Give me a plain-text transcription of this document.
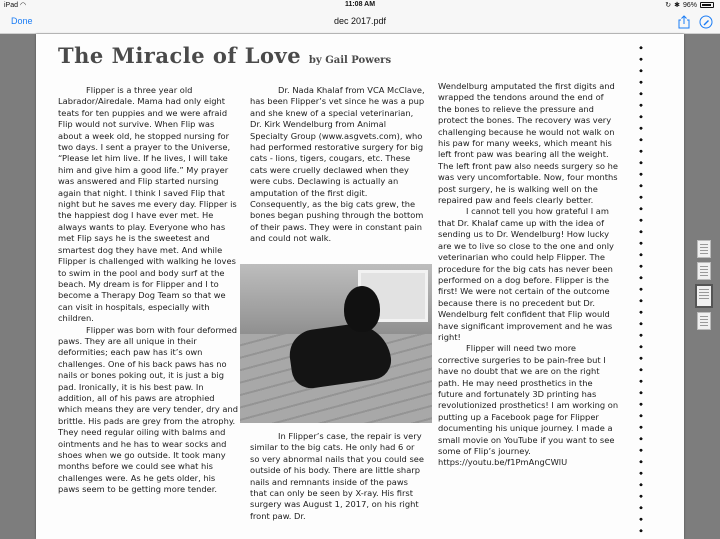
iPad ◠	11:08 AM	↻ ✱ 96%
Done	dec 2017.pdf
The Miracle of Love by Gail Powers

Flipper is a three year old Labrador/Airedale. Mama had only eight teats for ten puppies and we were afraid Flip would not survive. When Flip was about a week old, he stopped nursing for two days. I sent a prayer to the Universe, “Please let him live. If he lives, I will take him and give him a good life.” My prayer was answered and Flip started nursing again that night. I think I saved Flip that night but he saves me every day. Flipper is the happiest dog I have ever met. He always wants to play. Everyone who has met Flip says he is the sweetest and smartest dog they have met. And while Flipper is challenged with walking he loves to swim in the pool and body surf at the beach. My dream is for Flipper and I to become a Therapy Dog Team so that we can visit in hospitals, especially with children.

Flipper was born with four deformed paws. They are all unique in their deformities; each paw has it’s own challenges. One of his back paws has no nails or bones poking out, it is just a big pad. Ironically, it is his best paw. In addition, all of his paws are atrophied which means they are very tender, dry and brittle. His pads are grey from the atrophy. They need regular oiling with balms and ointments and he has to wear socks and shoes when we go outside. It took many months before we could see what his challenges were. As he gets older, his paws seem to be getting more tender.

Dr. Nada Khalaf from VCA McClave, has been Flipper’s vet since he was a pup and she knew of a special veterinarian, Dr. Kirk Wendelburg from Animal Specialty Group (www.asgvets.com), who had performed restorative surgery for big cats - lions, tigers, cougars, etc. These cats were cruelly declawed when they were cubs. Declawing is actually an amputation of the first digit. Consequently, as the big cats grew, the bones began pushing through the bottom of their paws. They were in constant pain and could not walk.

In Flipper’s case, the repair is very similar to the big cats. He only had 6 or so very abnormal nails that you could see outside of his body. There are little sharp nails and remnants inside of the paws that can only be seen by X-ray. His first surgery was August 1, 2017, on his right front paw. Dr.

Wendelburg amputated the first digits and wrapped the tendons around the end of the bones to relieve the pressure and protect the bones. The recovery was very challenging because he would not walk on his paw for many weeks, which meant his left front paw was bearing all the weight. The left front paw also needs surgery so he was very uncomfortable. Now, four months post surgery, he is walking well on the repaired paw and feels clearly better.

I cannot tell you how grateful I am that Dr. Khalaf came up with the idea of sending us to Dr. Wendelburg! How lucky are we to live so close to the one and only veterinarian who could help Flipper. The procedure for the big cats has never been performed on a dog before. Flipper is the first! We were not certain of the outcome because there is no precedent but Dr. Wendelburg felt confident that Flip would have significant improvement and he was right!

Flipper will need two more corrective surgeries to be pain-free but I have no doubt that we are on the right path. He may need prosthetics in the future and fortunately 3D printing has revolutionized prosthetics! I am working on putting up a Facebook page for Flipper documenting his unique journey. I made a small movie on YouTube if you want to see some of Flip’s journey. https://youtu.be/f1PmAngCWlU
